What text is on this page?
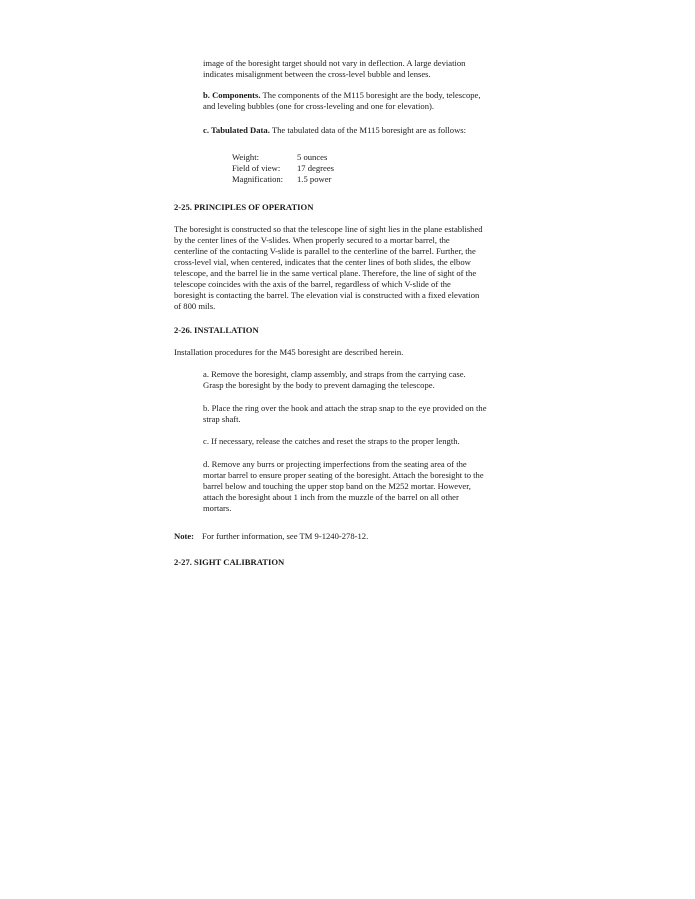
image of the boresight target should not vary in deflection. A large deviation
indicates misalignment between the cross-level bubble and lenses.

b. Components. The components of the M115 boresight are the body, telescope,
and leveling bubbles (one for cross-leveling and one for elevation).

c. Tabulated Data. The tabulated data of the M115 boresight are as follows:

Weight:	5 ounces
Field of view:	17 degrees
Magnification:	1.5 power
2-25. PRINCIPLES OF OPERATION

The boresight is constructed so that the telescope line of sight lies in the plane established
by the center lines of the V-slides. When properly secured to a mortar barrel, the
centerline of the contacting V-slide is parallel to the centerline of the barrel. Further, the
cross-level vial, when centered, indicates that the center lines of both slides, the elbow
telescope, and the barrel lie in the same vertical plane. Therefore, the line of sight of the
telescope coincides with the axis of the barrel, regardless of which V-slide of the
boresight is contacting the barrel. The elevation vial is constructed with a fixed elevation
of 800 mils.

2-26. INSTALLATION

Installation procedures for the M45 boresight are described herein.

a. Remove the boresight, clamp assembly, and straps from the carrying case.
Grasp the boresight by the body to prevent damaging the telescope.

b. Place the ring over the hook and attach the strap snap to the eye provided on the
strap shaft.

c. If necessary, release the catches and reset the straps to the proper length.

d. Remove any burrs or projecting imperfections from the seating area of the
mortar barrel to ensure proper seating of the boresight. Attach the boresight to the
barrel below and touching the upper stop band on the M252 mortar. However,
attach the boresight about 1 inch from the muzzle of the barrel on all other
mortars.

Note: For further information, see TM 9-1240-278-12.

2-27. SIGHT CALIBRATION
